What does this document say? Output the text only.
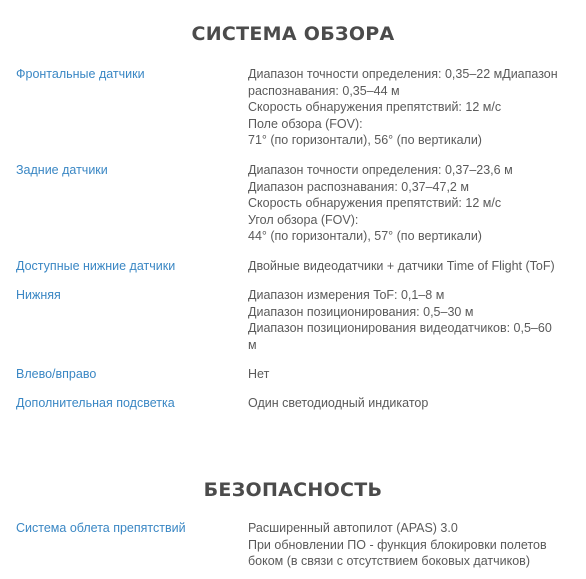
СИСТЕМА ОБЗОРА
Фронтальные датчики	Диапазон точности определения: 0,35–22 мДиапазон
распознавания: 0,35–44 м
Скорость обнаружения препятствий: 12 м/с
Поле обзора (FOV):
71° (по горизонтали), 56° (по вертикали)
Задние датчики	Диапазон точности определения: 0,37–23,6 м
Диапазон распознавания: 0,37–47,2 м
Скорость обнаружения препятствий: 12 м/с
Угол обзора (FOV):
44° (по горизонтали), 57° (по вертикали)
Доступные нижние датчики	Двойные видеодатчики + датчики Time of Flight (ToF)
Нижняя	Диапазон измерения ToF: 0,1–8 м
Диапазон позиционирования: 0,5–30 м
Диапазон позиционирования видеодатчиков: 0,5–60
м
Влево/вправо	Нет
Дополнительная подсветка	Один светодиодный индикатор
БЕЗОПАСНОСТЬ
Система облета препятствий	Расширенный автопилот (APAS) 3.0
При обновлении ПО - функция блокировки полетов
боком (в связи с отсутствием боковых датчиков)
